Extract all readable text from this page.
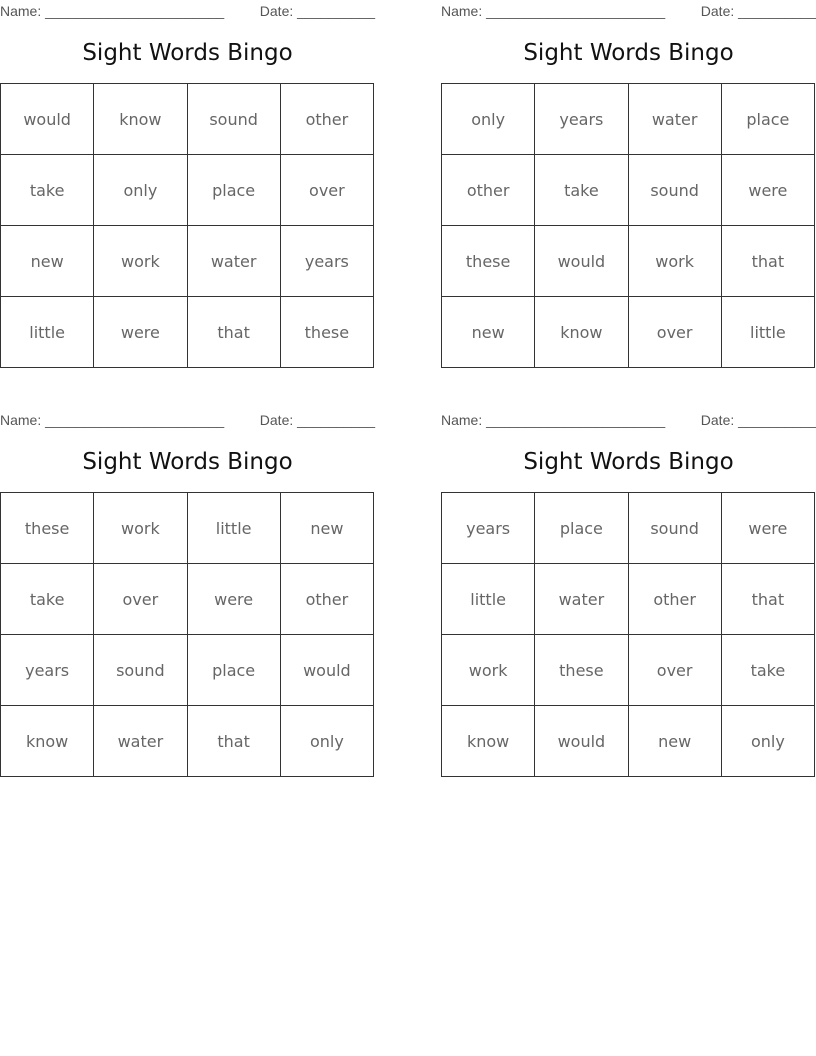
Name: _______________________	Date: __________
Sight Words Bingo
would	know	sound	other
take	only	place	over
new	work	water	years
little	were	that	these
Name: _______________________	Date: __________
Sight Words Bingo
only	years	water	place
other	take	sound	were
these	would	work	that
new	know	over	little
Name: _______________________	Date: __________
Sight Words Bingo
these	work	little	new
take	over	were	other
years	sound	place	would
know	water	that	only
Name: _______________________	Date: __________
Sight Words Bingo
years	place	sound	were
little	water	other	that
work	these	over	take
know	would	new	only
